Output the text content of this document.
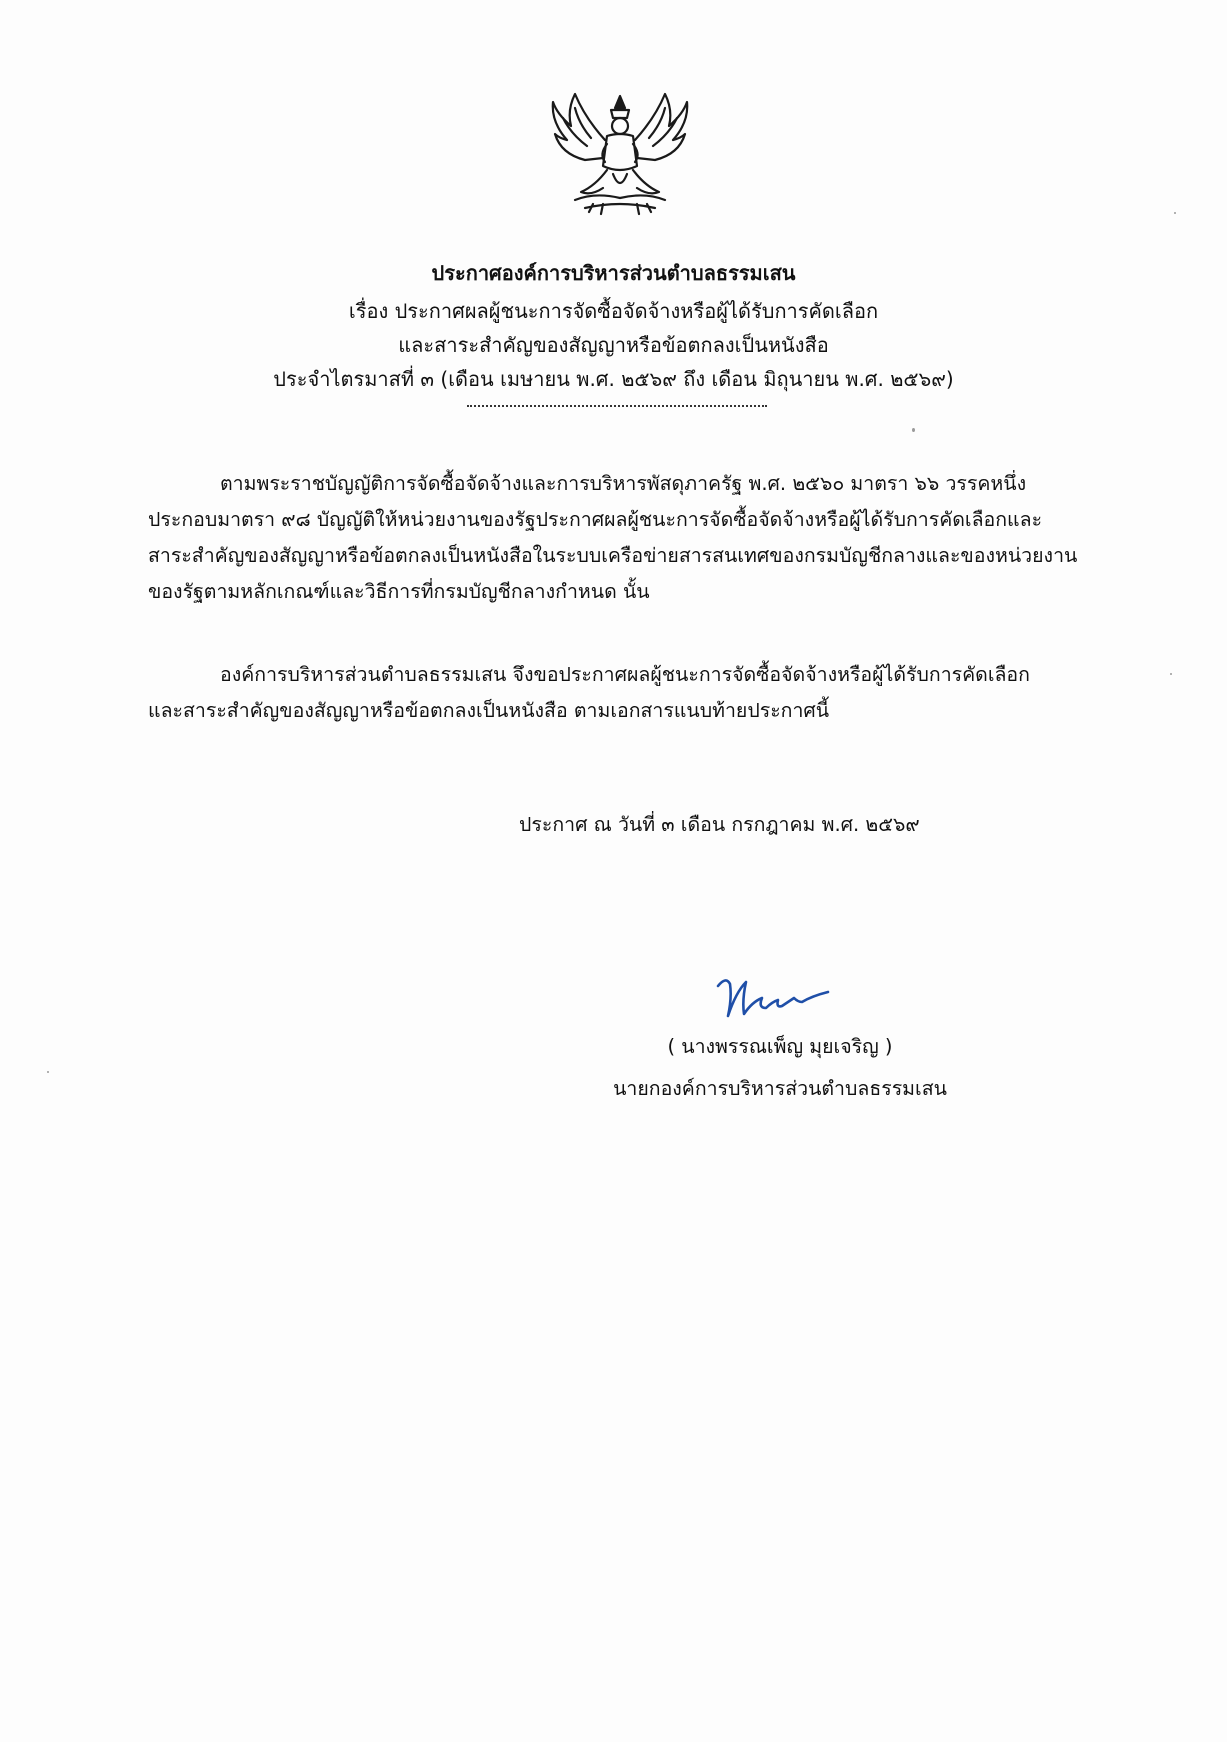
ประกาศองค์การบริหารส่วนตำบลธรรมเสน
เรื่อง ประกาศผลผู้ชนะการจัดซื้อจัดจ้างหรือผู้ได้รับการคัดเลือก
และสาระสำคัญของสัญญาหรือข้อตกลงเป็นหนังสือ
ประจำไตรมาสที่ ๓ (เดือน เมษายน พ.ศ. ๒๕๖๙ ถึง เดือน มิถุนายน พ.ศ. ๒๕๖๙)
ตามพระราชบัญญัติการจัดซื้อจัดจ้างและการบริหารพัสดุภาครัฐ พ.ศ. ๒๕๖๐ มาตรา ๖๖ วรรคหนึ่ง
ประกอบมาตรา ๙๘ บัญญัติให้หน่วยงานของรัฐประกาศผลผู้ชนะการจัดซื้อจัดจ้างหรือผู้ได้รับการคัดเลือกและ
สาระสำคัญของสัญญาหรือข้อตกลงเป็นหนังสือในระบบเครือข่ายสารสนเทศของกรมบัญชีกลางและของหน่วยงาน
ของรัฐตามหลักเกณฑ์และวิธีการที่กรมบัญชีกลางกำหนด นั้น
องค์การบริหารส่วนตำบลธรรมเสน จึงขอประกาศผลผู้ชนะการจัดซื้อจัดจ้างหรือผู้ได้รับการคัดเลือก
และสาระสำคัญของสัญญาหรือข้อตกลงเป็นหนังสือ ตามเอกสารแนบท้ายประกาศนี้
ประกาศ ณ วันที่ ๓ เดือน กรกฎาคม พ.ศ. ๒๕๖๙
( นางพรรณเพ็ญ มุยเจริญ )
นายกองค์การบริหารส่วนตำบลธรรมเสน
